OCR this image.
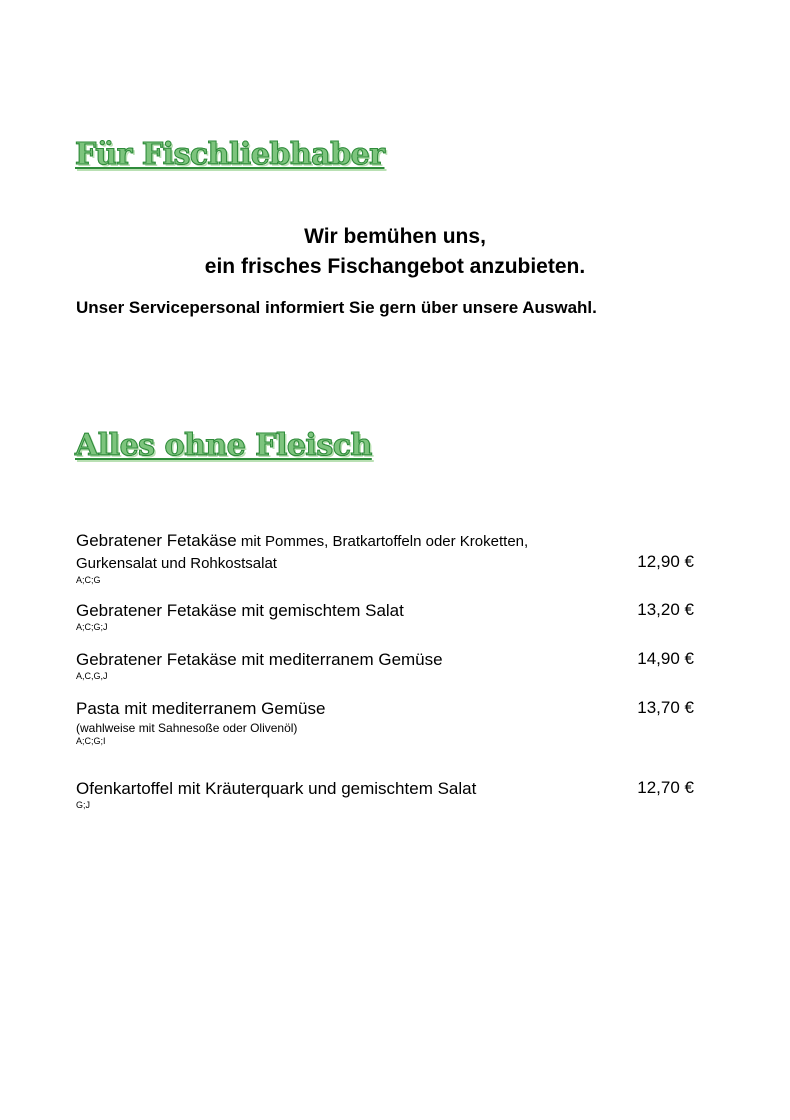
Für Fischliebhaber
Wir bemühen uns,
ein frisches Fischangebot anzubieten.
Unser Servicepersonal informiert Sie gern über unsere Auswahl.
Alles ohne Fleisch
Gebratener Fetakäse mit Pommes, Bratkartoffeln oder Kroketten,
Gurkensalat und Rohkostsalat
A;C;G
12,90 €
Gebratener Fetakäse mit gemischtem Salat
A;C;G;J
13,20 €
Gebratener Fetakäse mit mediterranem Gemüse
A,C,G,J
14,90 €
Pasta mit mediterranem Gemüse
(wahlweise mit Sahnesoße oder Olivenöl)
A;C;G;I
13,70 €
Ofenkartoffel mit Kräuterquark und gemischtem Salat
G;J
12,70 €
